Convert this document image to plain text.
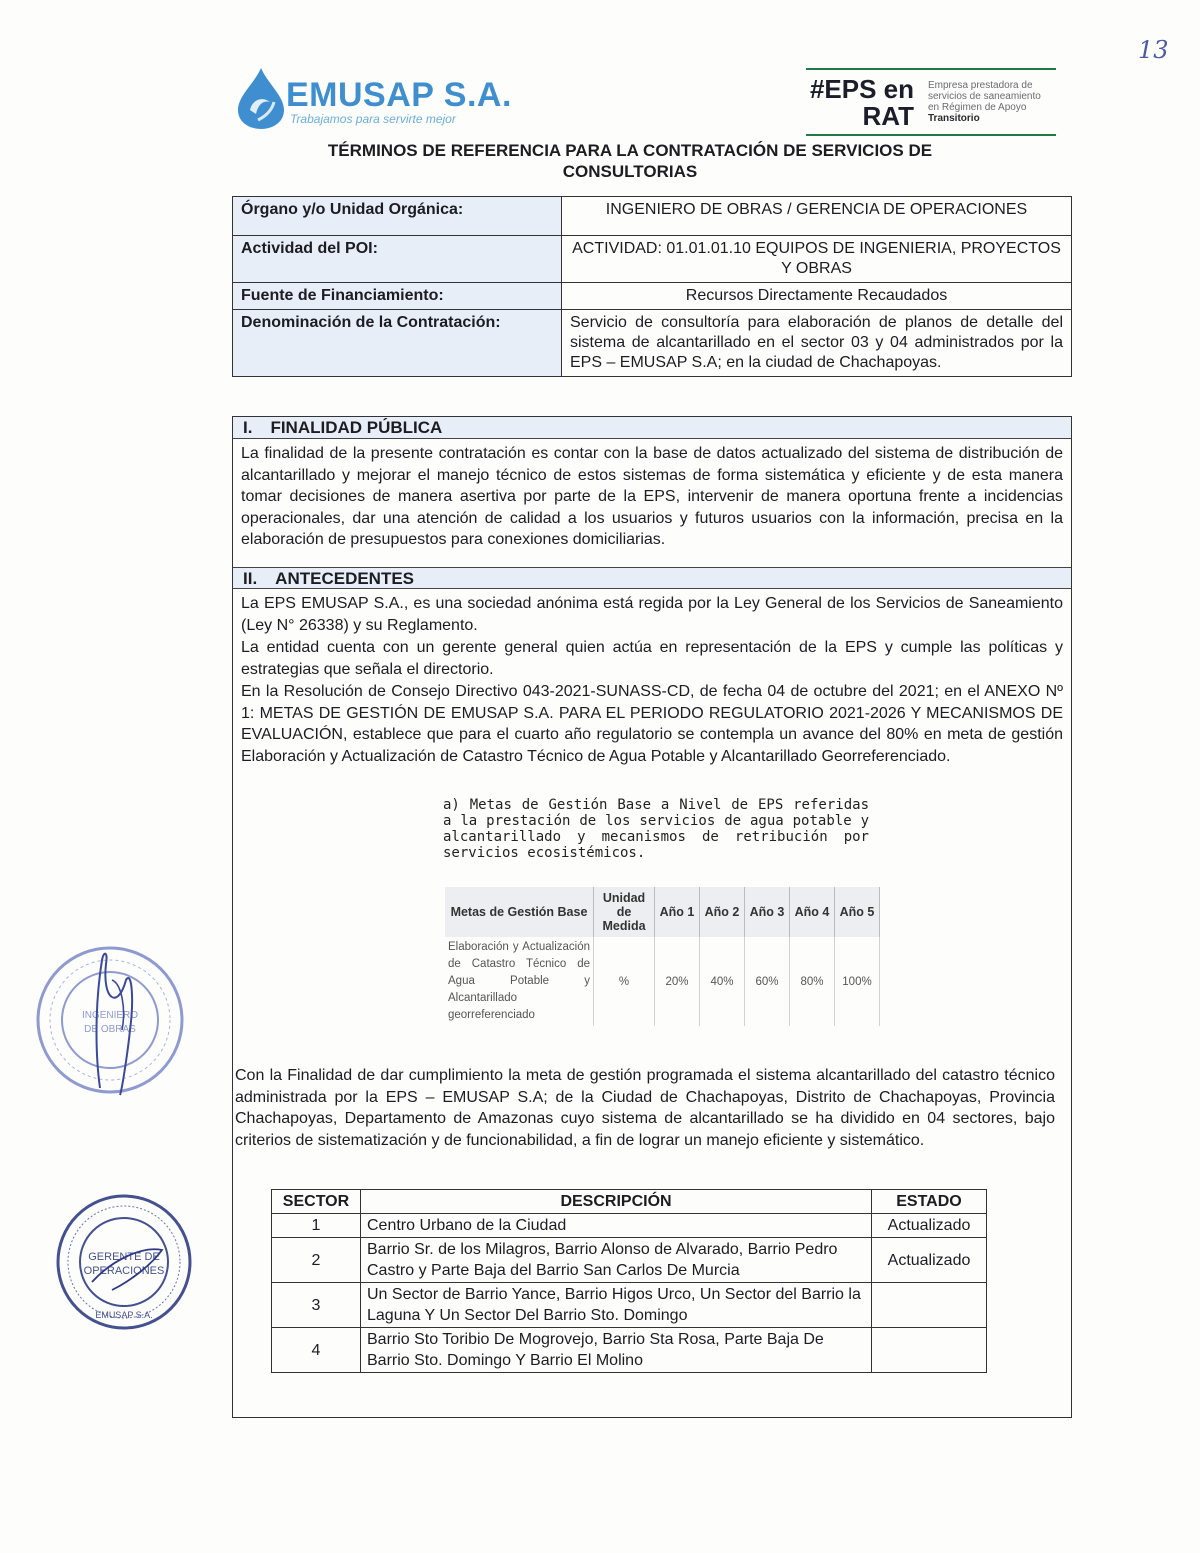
13
EMUSAP S.A.
Trabajamos para servirte mejor
#EPS en
RAT
Empresa prestadora de
servicios de saneamiento
en Régimen de Apoyo
Transitorio
TÉRMINOS DE REFERENCIA PARA LA CONTRATACIÓN DE SERVICIOS DE
CONSULTORIAS
Órgano y/o Unidad Orgánica:	INGENIERO DE OBRAS / GERENCIA DE OPERACIONES
Actividad del POI:	ACTIVIDAD: 01.01.01.10 EQUIPOS DE INGENIERIA, PROYECTOS Y OBRAS
Fuente de Financiamiento:	Recursos Directamente Recaudados
Denominación de la Contratación:	Servicio de consultoría para elaboración de planos de detalle del sistema de alcantarillado en el sector 03 y 04 administrados por la EPS – EMUSAP S.A; en la ciudad de Chachapoyas.
I. FINALIDAD PÚBLICA
La finalidad de la presente contratación es contar con la base de datos actualizado del sistema de distribución de alcantarillado y mejorar el manejo técnico de estos sistemas de forma sistemática y eficiente y de esta manera tomar decisiones de manera asertiva por parte de la EPS, intervenir de manera oportuna frente a incidencias operacionales, dar una atención de calidad a los usuarios y futuros usuarios con la información, precisa en la elaboración de presupuestos para conexiones domiciliarias.
II. ANTECEDENTES
La EPS EMUSAP S.A., es una sociedad anónima está regida por la Ley General de los Servicios de Saneamiento (Ley N° 26338) y su Reglamento.
La entidad cuenta con un gerente general quien actúa en representación de la EPS y cumple las políticas y estrategias que señala el directorio.
En la Resolución de Consejo Directivo 043-2021-SUNASS-CD, de fecha 04 de octubre del 2021; en el ANEXO Nº 1: METAS DE GESTIÓN DE EMUSAP S.A. PARA EL PERIODO REGULATORIO 2021-2026 Y MECANISMOS DE EVALUACIÓN, establece que para el cuarto año regulatorio se contempla un avance del 80% en meta de gestión Elaboración y Actualización de Catastro Técnico de Agua Potable y Alcantarillado Georreferenciado.
a) Metas de Gestión Base a Nivel de EPS referidas a la prestación de los servicios de agua potable y alcantarillado y mecanismos de retribución por servicios ecosistémicos.
Metas de Gestión Base	Unidad de Medida	Año 1	Año 2	Año 3	Año 4	Año 5
Elaboración y Actualización de Catastro Técnico de Agua Potable y Alcantarillado georreferenciado	%	20%	40%	60%	80%	100%
Con la Finalidad de dar cumplimiento la meta de gestión programada el sistema alcantarillado del catastro técnico administrada por la EPS – EMUSAP S.A; de la Ciudad de Chachapoyas, Distrito de Chachapoyas, Provincia Chachapoyas, Departamento de Amazonas cuyo sistema de alcantarillado se ha dividido en 04 sectores, bajo criterios de sistematización y de funcionabilidad, a fin de lograr un manejo eficiente y sistemático.
SECTOR	DESCRIPCIÓN	ESTADO
1	Centro Urbano de la Ciudad	Actualizado
2	Barrio Sr. de los Milagros, Barrio Alonso de Alvarado, Barrio Pedro Castro y Parte Baja del Barrio San Carlos De Murcia	Actualizado
3	Un Sector de Barrio Yance, Barrio Higos Urco, Un Sector del Barrio la Laguna Y Un Sector Del Barrio Sto. Domingo	
4	Barrio Sto Toribio De Mogrovejo, Barrio Sta Rosa, Parte Baja De Barrio Sto. Domingo Y Barrio El Molino	
INGENIERO
DE OBRAS
GERENTE DE
OPERACIONES
EMUSAP S.A.
